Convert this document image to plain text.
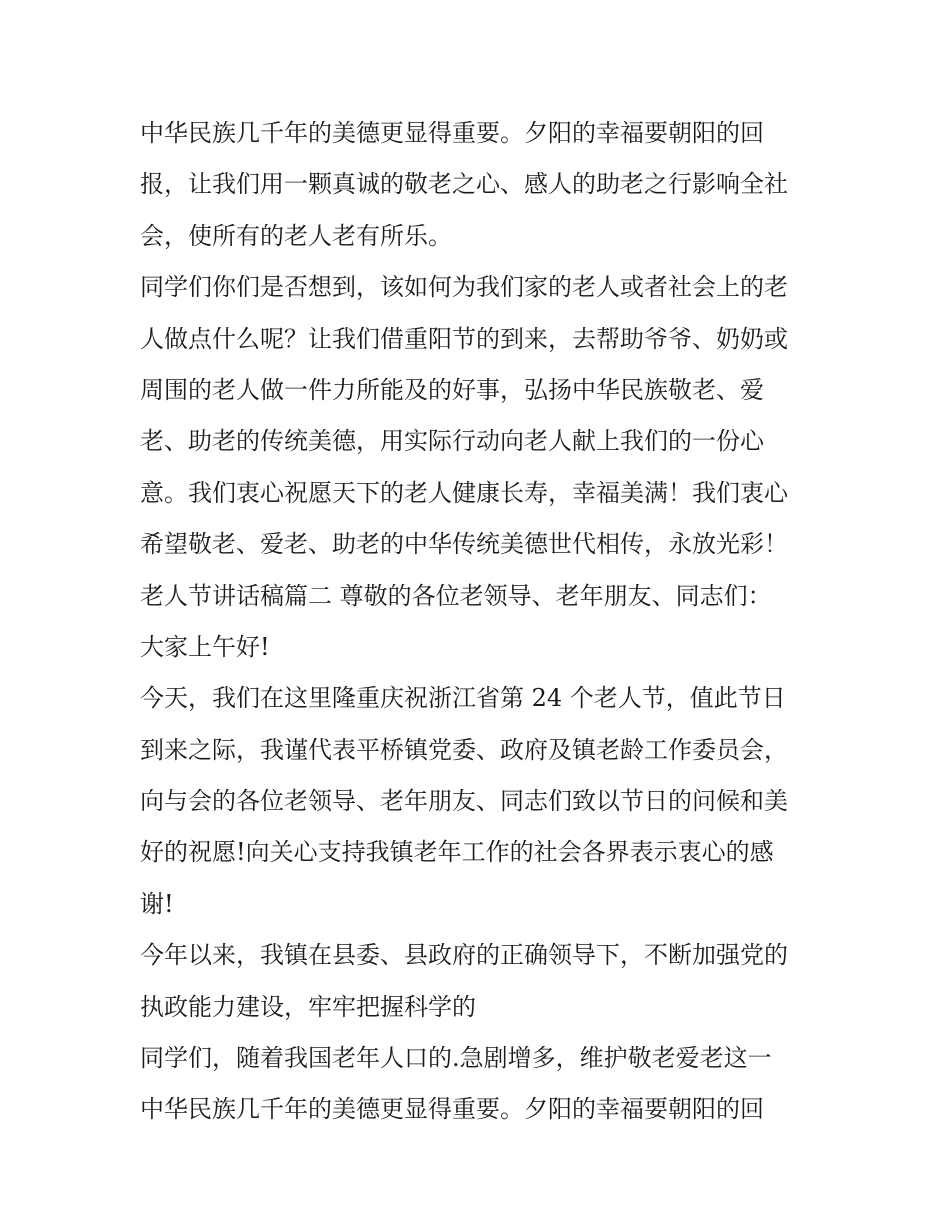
中华民族几千年的美德更显得重要。夕阳的幸福要朝阳的回
报，让我们用一颗真诚的敬老之心、感人的助老之行影响全社
会，使所有的老人老有所乐。
同学们你们是否想到，该如何为我们家的老人或者社会上的老
人做点什么呢？让我们借重阳节的到来，去帮助爷爷、奶奶或
周围的老人做一件力所能及的好事，弘扬中华民族敬老、爱
老、助老的传统美德，用实际行动向老人献上我们的一份心
意。我们衷心祝愿天下的老人健康长寿，幸福美满！我们衷心
希望敬老、爱老、助老的中华传统美德世代相传，永放光彩！
老人节讲话稿篇二 尊敬的各位老领导、老年朋友、同志们：
大家上午好!
今天，我们在这里隆重庆祝浙江省第 24 个老人节，值此节日
到来之际，我谨代表平桥镇党委、政府及镇老龄工作委员会，
向与会的各位老领导、老年朋友、同志们致以节日的问候和美
好的祝愿!向关心支持我镇老年工作的社会各界表示衷心的感
谢!
今年以来，我镇在县委、县政府的正确领导下，不断加强党的
执政能力建设，牢牢把握科学的
同学们，随着我国老年人口的.急剧增多，维护敬老爱老这一
中华民族几千年的美德更显得重要。夕阳的幸福要朝阳的回
